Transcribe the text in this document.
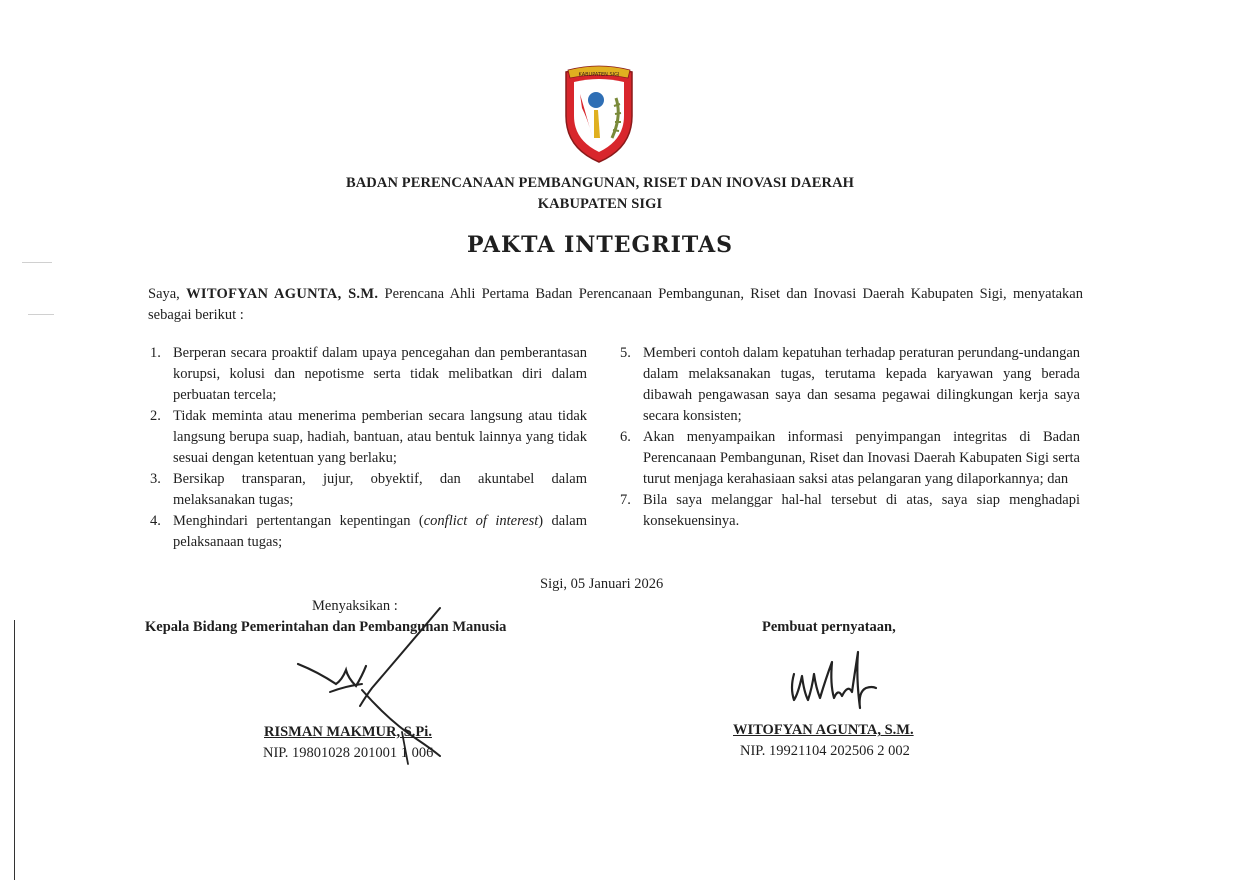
KABUPATEN SIGI
BADAN PERENCANAAN PEMBANGUNAN, RISET DAN INOVASI DAERAH
KABUPATEN SIGI
PAKTA INTEGRITAS
Saya, WITOFYAN AGUNTA, S.M. Perencana Ahli Pertama Badan Perencanaan Pembangunan, Riset dan Inovasi Daerah Kabupaten Sigi, menyatakan sebagai berikut :
1. Berperan secara proaktif dalam upaya pencegahan dan pemberantasan korupsi, kolusi dan nepotisme serta tidak melibatkan diri dalam perbuatan tercela;
2. Tidak meminta atau menerima pemberian secara langsung atau tidak langsung berupa suap, hadiah, bantuan, atau bentuk lainnya yang tidak sesuai dengan ketentuan yang berlaku;
3. Bersikap transparan, jujur, obyektif, dan akuntabel dalam melaksanakan tugas;
4. Menghindari pertentangan kepentingan (conflict of interest) dalam pelaksanaan tugas;
5. Memberi contoh dalam kepatuhan terhadap peraturan perundang-undangan dalam melaksanakan tugas, terutama kepada karyawan yang berada dibawah pengawasan saya dan sesama pegawai dilingkungan kerja saya secara konsisten;
6. Akan menyampaikan informasi penyimpangan integritas di Badan Perencanaan Pembangunan, Riset dan Inovasi Daerah Kabupaten Sigi serta turut menjaga kerahasiaan saksi atas pelangaran yang dilaporkannya; dan
7. Bila saya melanggar hal-hal tersebut di atas, saya siap menghadapi konsekuensinya.
Sigi, 05 Januari 2026
Menyaksikan :
Kepala Bidang Pemerintahan dan Pembangunan Manusia	Pembuat pernyataan,
RISMAN MAKMUR, S.Pi.
NIP. 19801028 201001 1 006
WITOFYAN AGUNTA, S.M.
NIP. 19921104 202506 2 002
